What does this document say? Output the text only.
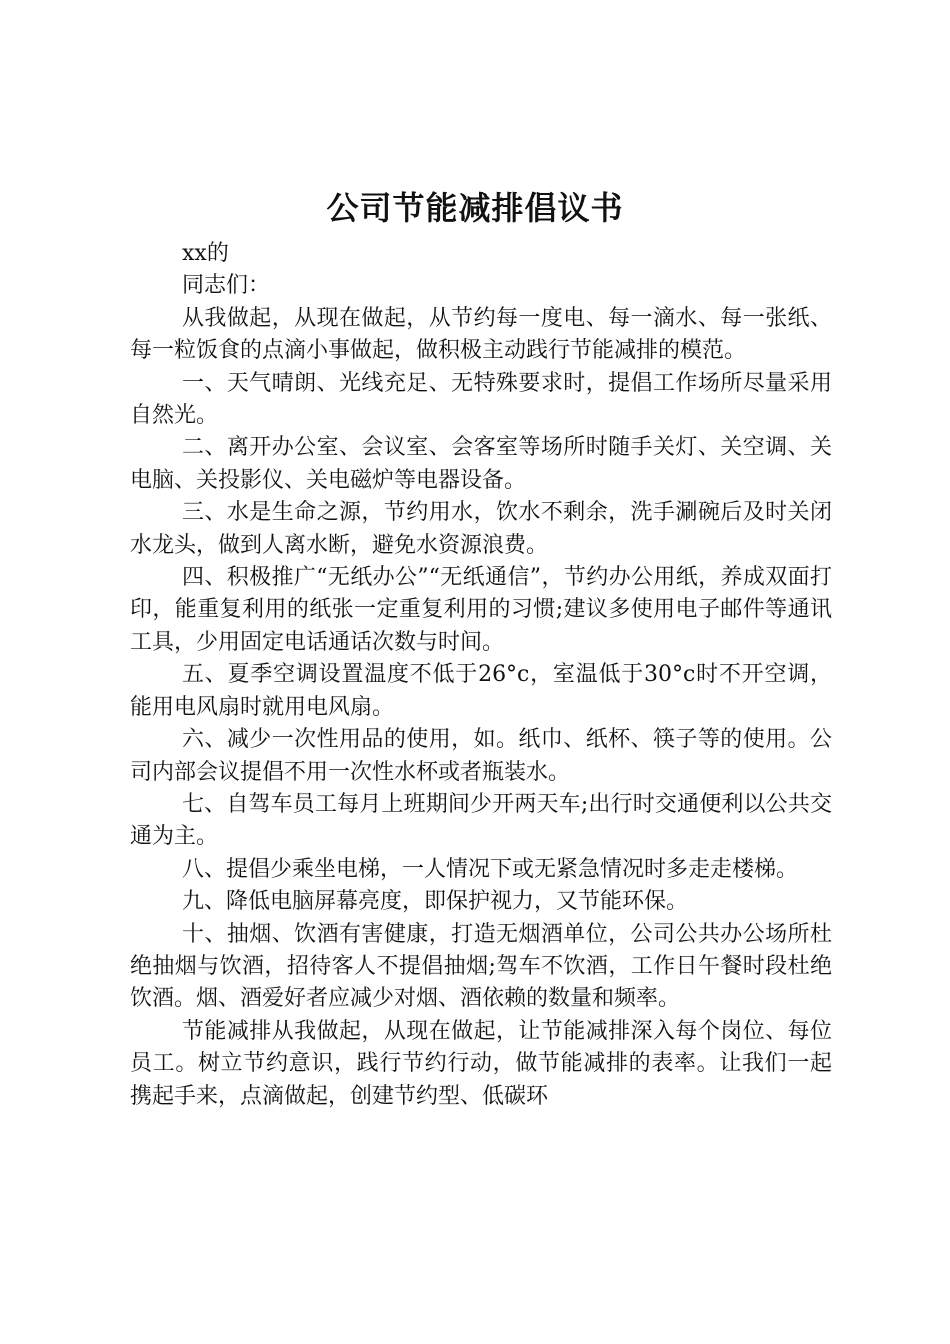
公司节能减排倡议书

xx的

同志们：

从我做起，从现在做起，从节约每一度电、每一滴水、每一张纸、每一粒饭食的点滴小事做起，做积极主动践行节能减排的模范。

一、天气晴朗、光线充足、无特殊要求时，提倡工作场所尽量采用自然光。

二、离开办公室、会议室、会客室等场所时随手关灯、关空调、关电脑、关投影仪、关电磁炉等电器设备。

三、水是生命之源，节约用水，饮水不剩余，洗手涮碗后及时关闭水龙头，做到人离水断，避免水资源浪费。

四、积极推广“无纸办公”“无纸通信”，节约办公用纸，养成双面打印，能重复利用的纸张一定重复利用的习惯;建议多使用电子邮件等通讯工具，少用固定电话通话次数与时间。

五、夏季空调设置温度不低于26°c，室温低于30°c时不开空调，能用电风扇时就用电风扇。

六、减少一次性用品的使用，如。纸巾、纸杯、筷子等的使用。公司内部会议提倡不用一次性水杯或者瓶装水。

七、自驾车员工每月上班期间少开两天车;出行时交通便利以公共交通为主。

八、提倡少乘坐电梯，一人情况下或无紧急情况时多走走楼梯。

九、降低电脑屏幕亮度，即保护视力，又节能环保。

十、抽烟、饮酒有害健康，打造无烟酒单位，公司公共办公场所杜绝抽烟与饮酒，招待客人不提倡抽烟;驾车不饮酒，工作日午餐时段杜绝饮酒。烟、酒爱好者应减少对烟、酒依赖的数量和频率。

节能减排从我做起，从现在做起，让节能减排深入每个岗位、每位员工。树立节约意识，践行节约行动，做节能减排的表率。让我们一起携起手来，点滴做起，创建节约型、低碳环
